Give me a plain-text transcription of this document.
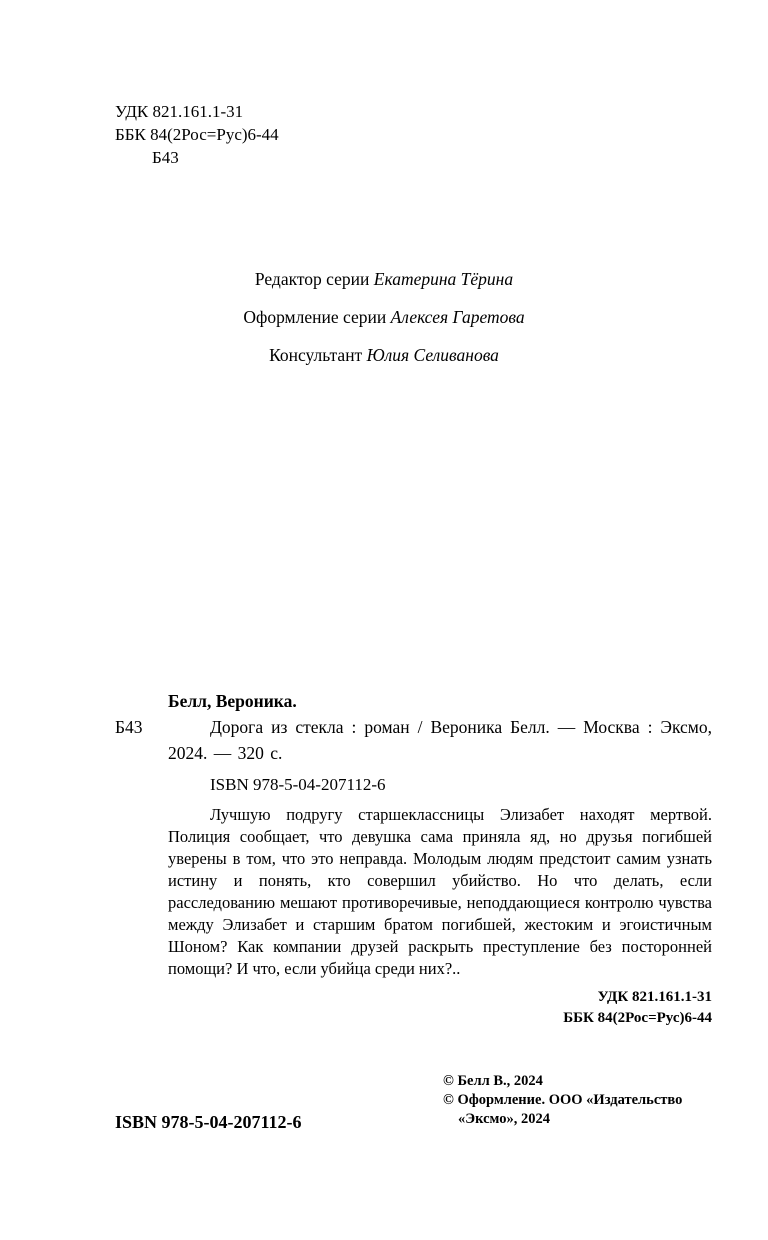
УДК 821.161.1-31
ББК 84(2Рос=Рус)6-44
Б43
Редактор серии Екатерина Тёрина
Оформление серии Алексея Гаретова
Консультант Юлия Селиванова
Б43
Белл, Вероника.
Дорога из стекла : роман / Вероника Белл. — Москва : Эксмо, 2024. — 320 с.
ISBN 978-5-04-207112-6
Лучшую подругу старшеклассницы Элизабет находят мертвой. Полиция сообщает, что девушка сама приняла яд, но друзья погибшей уверены в том, что это неправда. Молодым людям предстоит самим узнать истину и понять, кто совершил убийство. Но что делать, если расследованию мешают противоречивые, неподдающиеся контролю чувства между Элизабет и старшим братом погибшей, жестоким и эгоистичным Шоном? Как компании друзей раскрыть преступление без посторонней помощи? И что, если убийца среди них?..
УДК 821.161.1-31
ББК 84(2Рос=Рус)6-44
© Белл В., 2024
© Оформление. ООО «Издательство
«Эксмо», 2024
ISBN 978-5-04-207112-6
